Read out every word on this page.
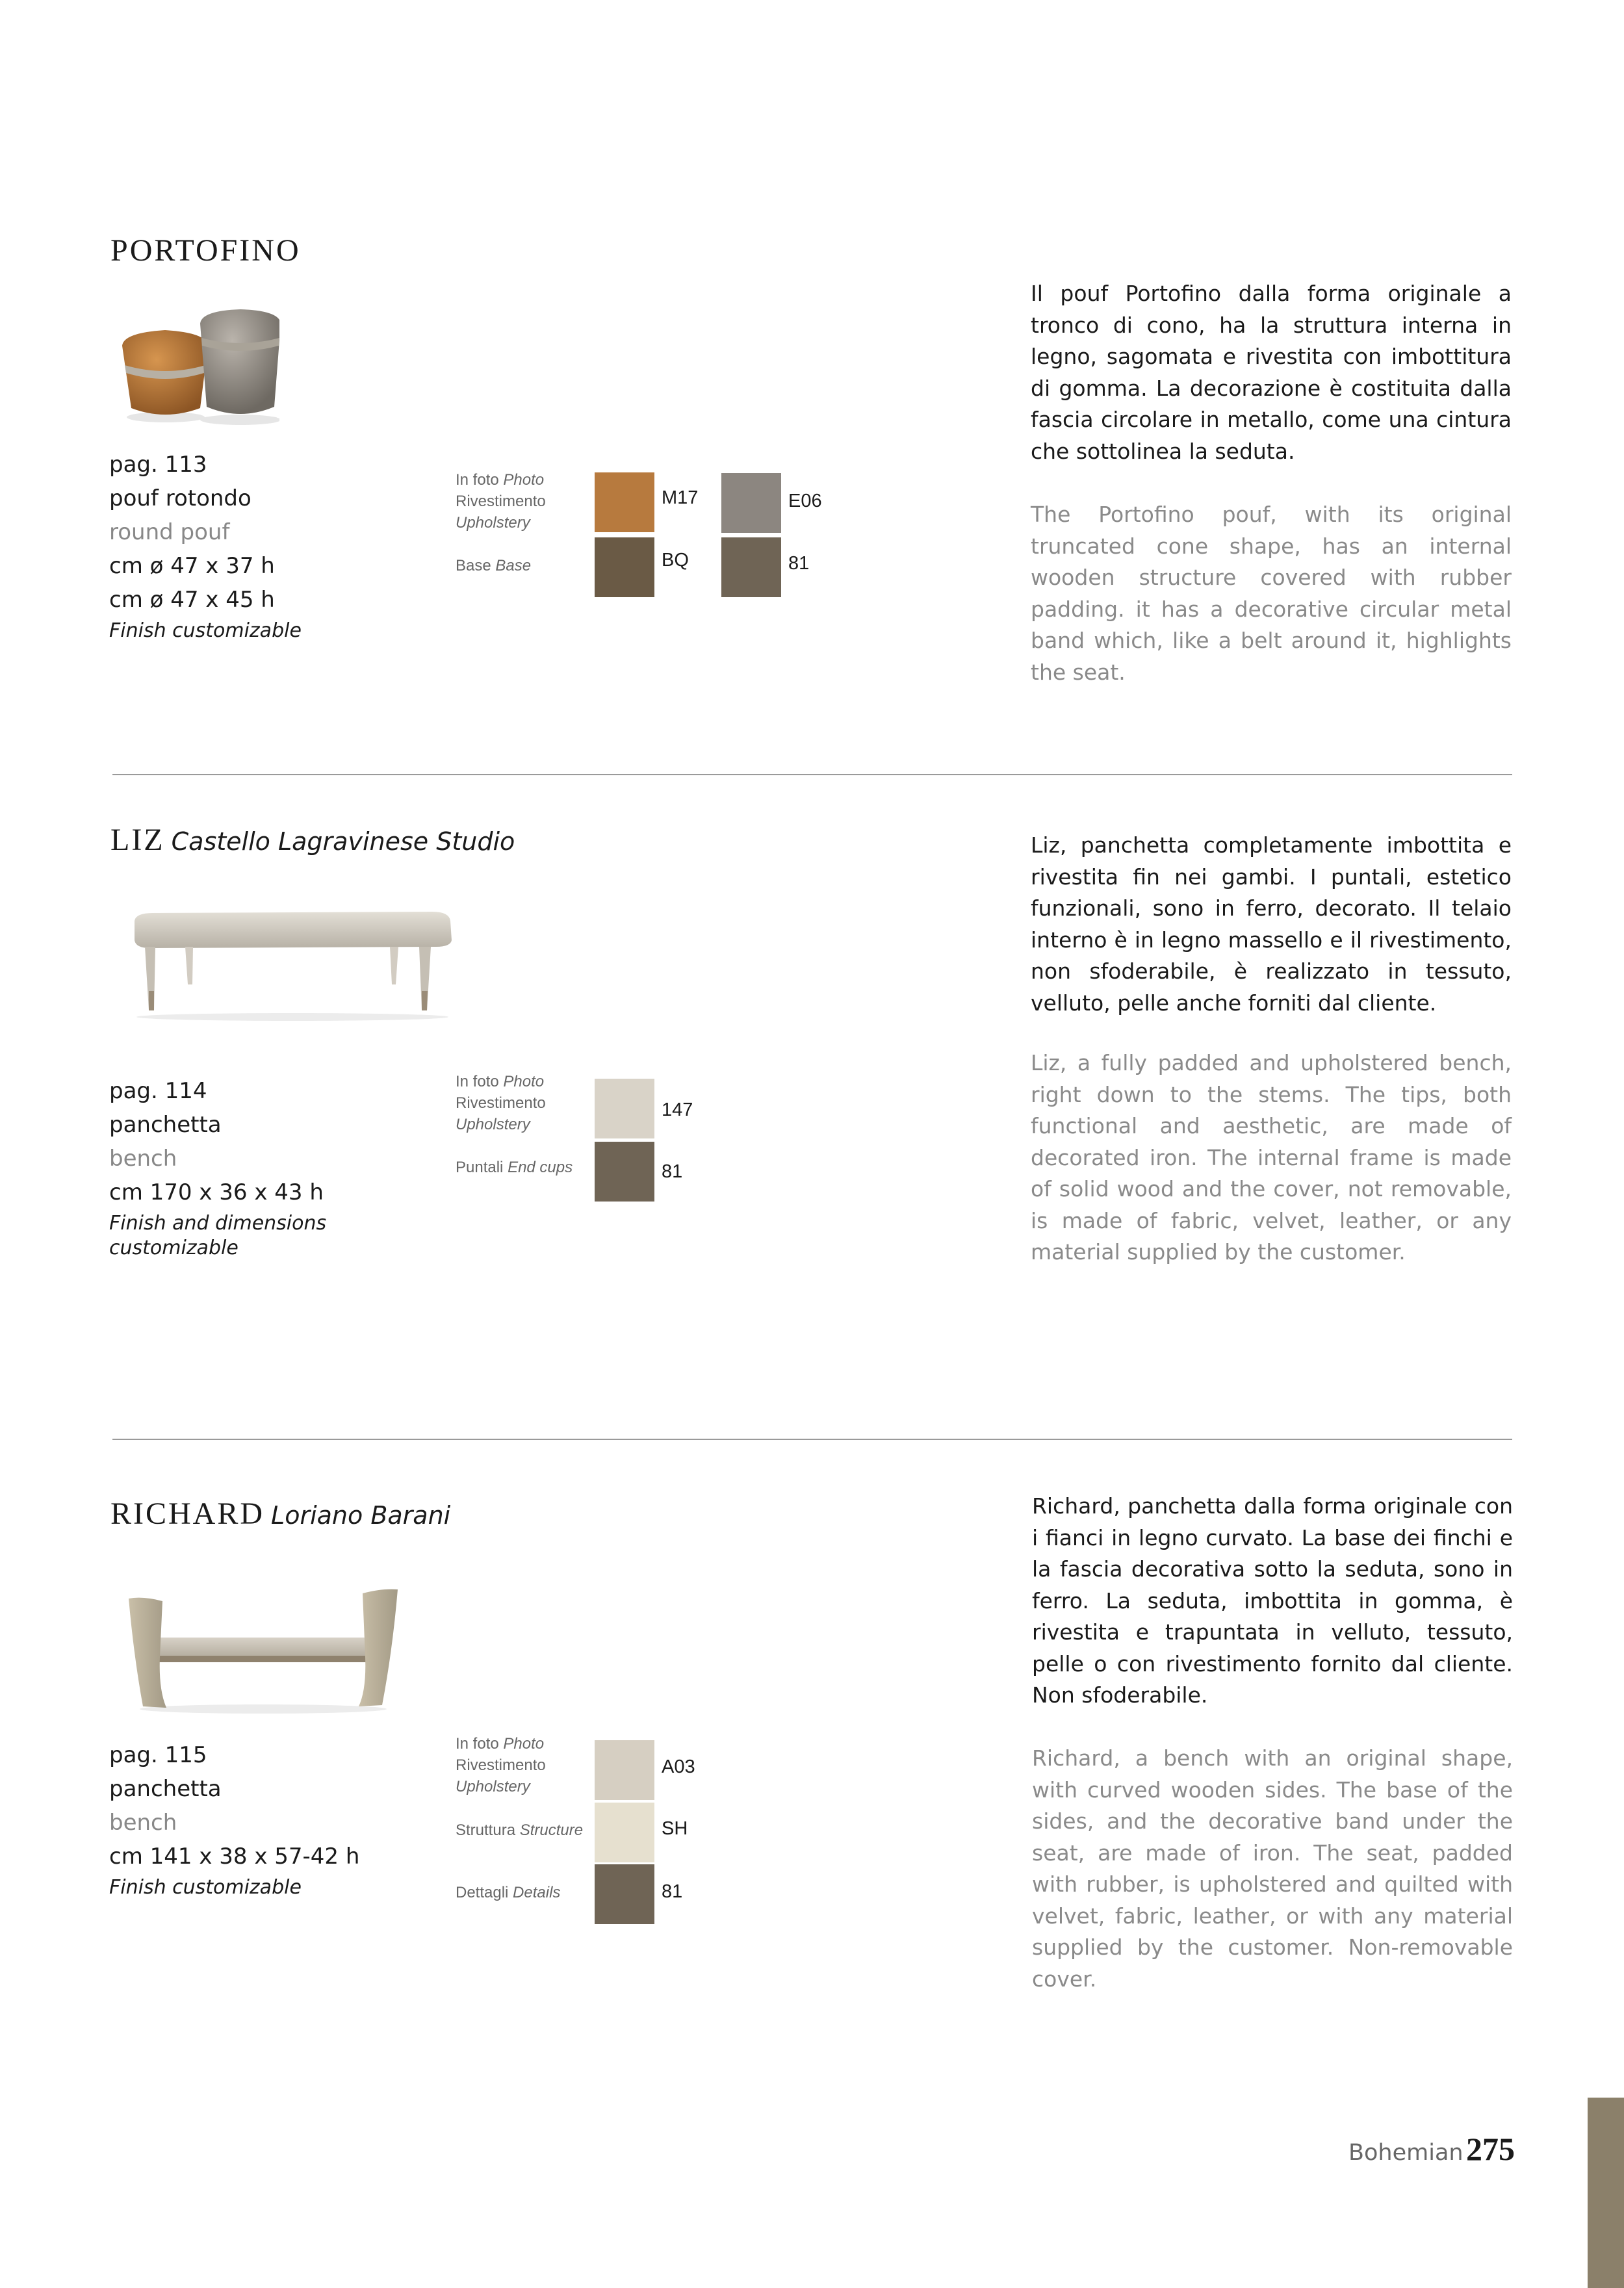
PORTOFINO
pag. 113
pouf rotondo
round pouf
cm ø 47 x 37 h
cm ø 47 x 45 h
Finish customizable
In foto Photo
Rivestimento
Upholstery
Base Base
M17	E06
BQ	81
Il pouf Portofino dalla forma originale a tronco di cono, ha la struttura interna in legno, sagomata e rivestita con imbottitura di gomma. La decorazione è costituita dalla fascia circolare in metallo, come una cintura che sottolinea la seduta.
The Portofino pouf, with its original truncated cone shape, has an internal wooden structure covered with rubber padding. it has a decorative circular metal band which, like a belt around it, highlights the seat.
LIZ Castello Lagravinese Studio
pag. 114
panchetta
bench
cm 170 x 36 x 43 h
Finish and dimensions customizable
In foto Photo
Rivestimento
Upholstery
Puntali End cups
147
81
Liz, panchetta completamente imbottita e rivestita fin nei gambi. I puntali, estetico funzionali, sono in ferro, decorato. Il telaio interno è in legno massello e il rivestimento, non sfoderabile, è realizzato in tessuto, velluto, pelle anche forniti dal cliente.
Liz, a fully padded and upholstered bench, right down to the stems. The tips, both functional and aesthetic, are made of decorated iron. The internal frame is made of solid wood and the cover, not removable, is made of fabric, velvet, leather, or any material supplied by the customer.
RICHARD Loriano Barani
pag. 115
panchetta
bench
cm 141 x 38 x 57-42 h
Finish customizable
In foto Photo
Rivestimento
Upholstery
Struttura Structure
Dettagli Details
A03
SH
81
Richard, panchetta dalla forma originale con i fianci in legno curvato. La base dei finchi e la fascia decorativa sotto la seduta, sono in ferro. La seduta, imbottita in gomma, è rivestita e trapuntata in velluto, tessuto, pelle o con rivestimento fornito dal cliente. Non sfoderabile.
Richard, a bench with an original shape, with curved wooden sides. The base of the sides, and the decorative band under the seat, are made of iron. The seat, padded with rubber, is upholstered and quilted with velvet, fabric, leather, or with any material supplied by the customer. Non-removable cover.
Bohemian 275
